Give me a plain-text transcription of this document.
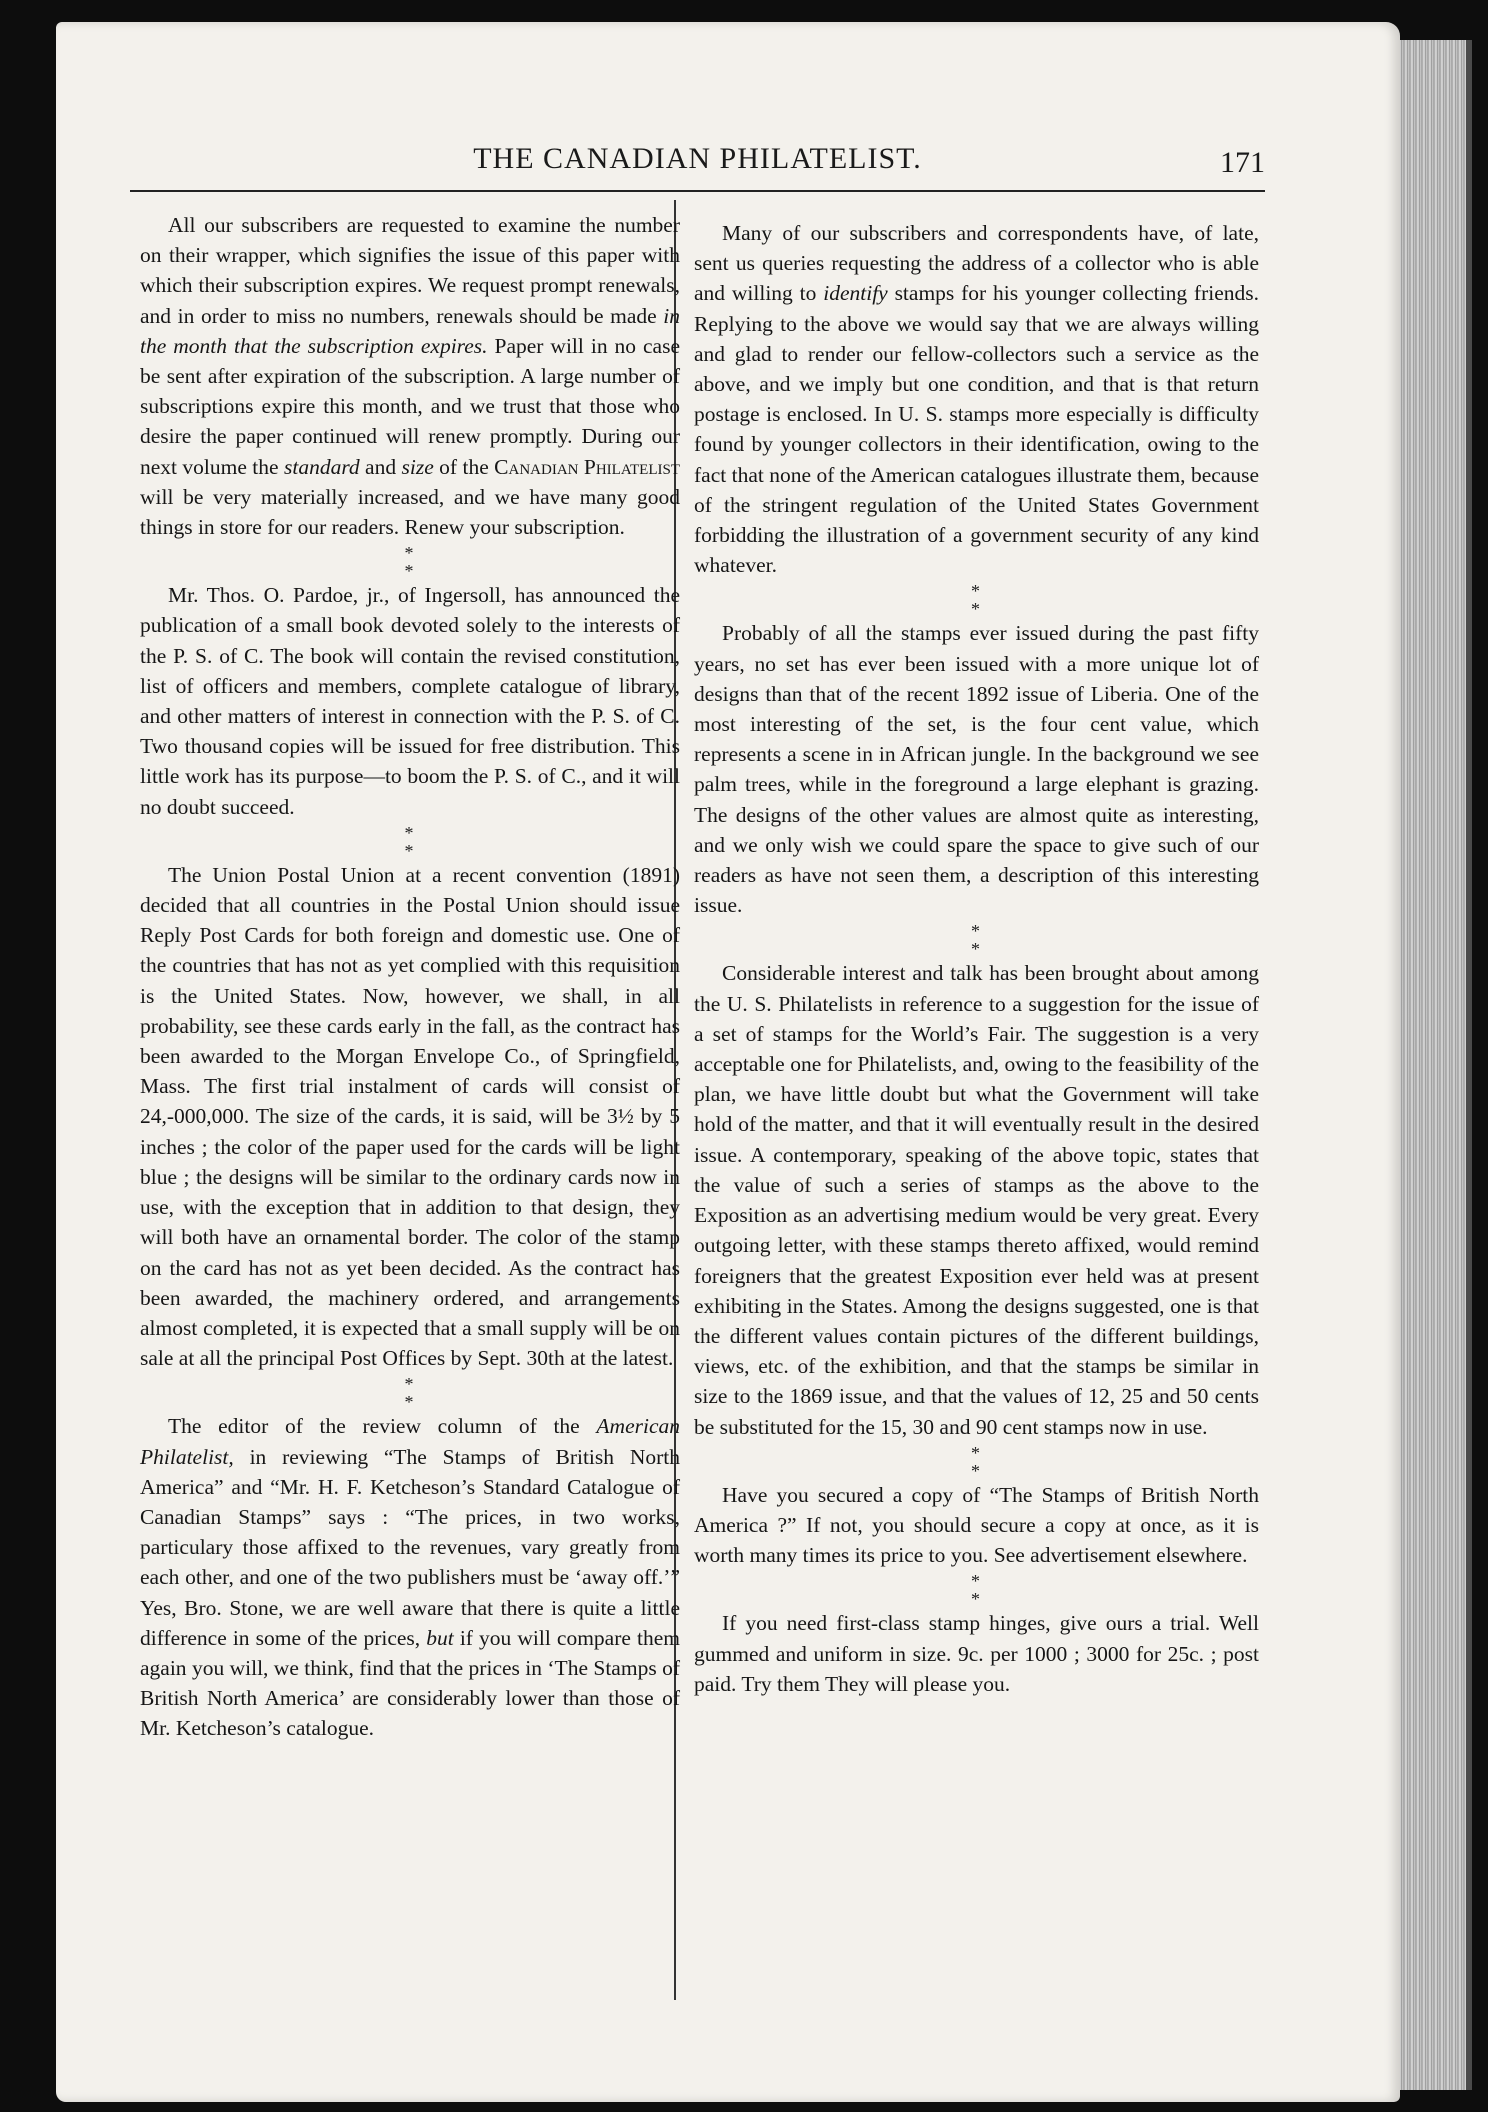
THE CANADIAN PHILATELIST.	171

All our subscribers are requested to examine the number on their wrapper, which signifies the issue of this paper with which their subscription expires. We request prompt renewals, and in order to miss no numbers, renewals should be made in the month that the subscription expires. Paper will in no case be sent after expiration of the subscription. A large number of subscriptions expire this month, and we trust that those who desire the paper continued will renew promptly. During our next volume the standard and size of the Canadian Philatelist will be very materially increased, and we have many good things in store for our readers. Renew your subscription.

*
*

Mr. Thos. O. Pardoe, jr., of Ingersoll, has announced the publication of a small book devoted solely to the interests of the P. S. of C. The book will contain the revised constitution, list of officers and members, complete catalogue of library, and other matters of interest in connection with the P. S. of C. Two thousand copies will be issued for free distribution. This little work has its purpose—to boom the P. S. of C., and it will no doubt succeed.

*
*

The Union Postal Union at a recent convention (1891) decided that all countries in the Postal Union should issue Reply Post Cards for both foreign and domestic use. One of the countries that has not as yet complied with this requisition is the United States. Now, however, we shall, in all probability, see these cards early in the fall, as the contract has been awarded to the Morgan Envelope Co., of Springfield, Mass. The first trial instalment of cards will consist of 24,-000,000. The size of the cards, it is said, will be 3½ by 5 inches ; the color of the paper used for the cards will be light blue ; the designs will be similar to the ordinary cards now in use, with the exception that in addition to that design, they will both have an ornamental border. The color of the stamp on the card has not as yet been decided. As the contract has been awarded, the machinery ordered, and arrangements almost completed, it is expected that a small supply will be on sale at all the principal Post Offices by Sept. 30th at the latest.

*
*

The editor of the review column of the American Philatelist, in reviewing “The Stamps of British North America” and “Mr. H. F. Ketcheson’s Standard Catalogue of Canadian Stamps” says : “The prices, in two works, particulary those affixed to the revenues, vary greatly from each other, and one of the two publishers must be ‘away off.’” Yes, Bro. Stone, we are well aware that there is quite a little difference in some of the prices, but if you will compare them again you will, we think, find that the prices in ‘The Stamps of British North America’ are considerably lower than those of Mr. Ketcheson’s catalogue.

Many of our subscribers and correspondents have, of late, sent us queries requesting the address of a collector who is able and willing to identify stamps for his younger collecting friends. Replying to the above we would say that we are always willing and glad to render our fellow-collectors such a service as the above, and we imply but one condition, and that is that return postage is enclosed. In U. S. stamps more especially is difficulty found by younger collectors in their identification, owing to the fact that none of the American catalogues illustrate them, because of the stringent regulation of the United States Government forbidding the illustration of a government security of any kind whatever.

*
*

Probably of all the stamps ever issued during the past fifty years, no set has ever been issued with a more unique lot of designs than that of the recent 1892 issue of Liberia. One of the most interesting of the set, is the four cent value, which represents a scene in in African jungle. In the background we see palm trees, while in the foreground a large elephant is grazing. The designs of the other values are almost quite as interesting, and we only wish we could spare the space to give such of our readers as have not seen them, a description of this interesting issue.

*
*

Considerable interest and talk has been brought about among the U. S. Philatelists in reference to a suggestion for the issue of a set of stamps for the World’s Fair. The suggestion is a very acceptable one for Philatelists, and, owing to the feasibility of the plan, we have little doubt but what the Government will take hold of the matter, and that it will eventually result in the desired issue. A contemporary, speaking of the above topic, states that the value of such a series of stamps as the above to the Exposition as an advertising medium would be very great. Every outgoing letter, with these stamps thereto affixed, would remind foreigners that the greatest Exposition ever held was at present exhibiting in the States. Among the designs suggested, one is that the different values contain pictures of the different buildings, views, etc. of the exhibition, and that the stamps be similar in size to the 1869 issue, and that the values of 12, 25 and 50 cents be substituted for the 15, 30 and 90 cent stamps now in use.

*
*

Have you secured a copy of “The Stamps of British North America ?” If not, you should secure a copy at once, as it is worth many times its price to you. See advertisement elsewhere.

*
*

If you need first-class stamp hinges, give ours a trial. Well gummed and uniform in size. 9c. per 1000 ; 3000 for 25c. ; post paid. Try them They will please you.
